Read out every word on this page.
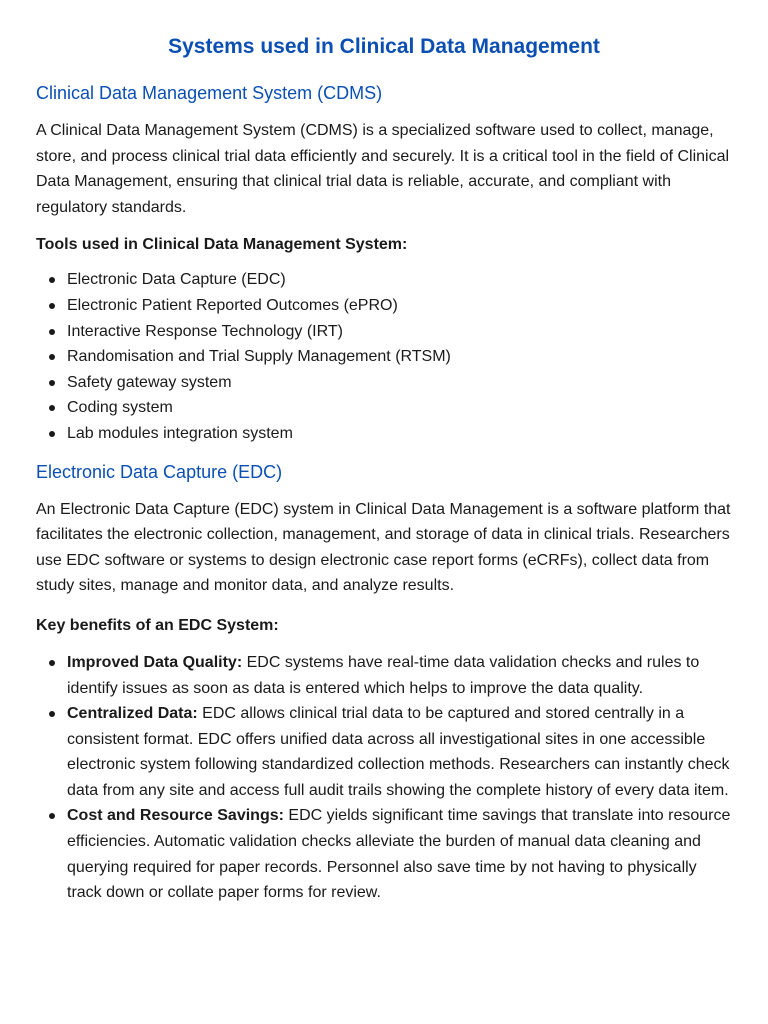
Systems used in Clinical Data Management
Clinical Data Management System (CDMS)

A Clinical Data Management System (CDMS) is a specialized software used to collect, manage, store, and process clinical trial data efficiently and securely. It is a critical tool in the field of Clinical Data Management, ensuring that clinical trial data is reliable, accurate, and compliant with regulatory standards.

Tools used in Clinical Data Management System:
Electronic Data Capture (EDC)
Electronic Patient Reported Outcomes (ePRO)
Interactive Response Technology (IRT)
Randomisation and Trial Supply Management (RTSM)
Safety gateway system
Coding system
Lab modules integration system
Electronic Data Capture (EDC)

An Electronic Data Capture (EDC) system in Clinical Data Management is a software platform that facilitates the electronic collection, management, and storage of data in clinical trials. Researchers use EDC software or systems to design electronic case report forms (eCRFs), collect data from study sites, manage and monitor data, and analyze results.

Key benefits of an EDC System:
Improved Data Quality: EDC systems have real-time data validation checks and rules to identify issues as soon as data is entered which helps to improve the data quality.
Centralized Data: EDC allows clinical trial data to be captured and stored centrally in a consistent format. EDC offers unified data across all investigational sites in one accessible electronic system following standardized collection methods. Researchers can instantly check data from any site and access full audit trails showing the complete history of every data item.
Cost and Resource Savings: EDC yields significant time savings that translate into resource efficiencies. Automatic validation checks alleviate the burden of manual data cleaning and querying required for paper records. Personnel also save time by not having to physically track down or collate paper forms for review.
